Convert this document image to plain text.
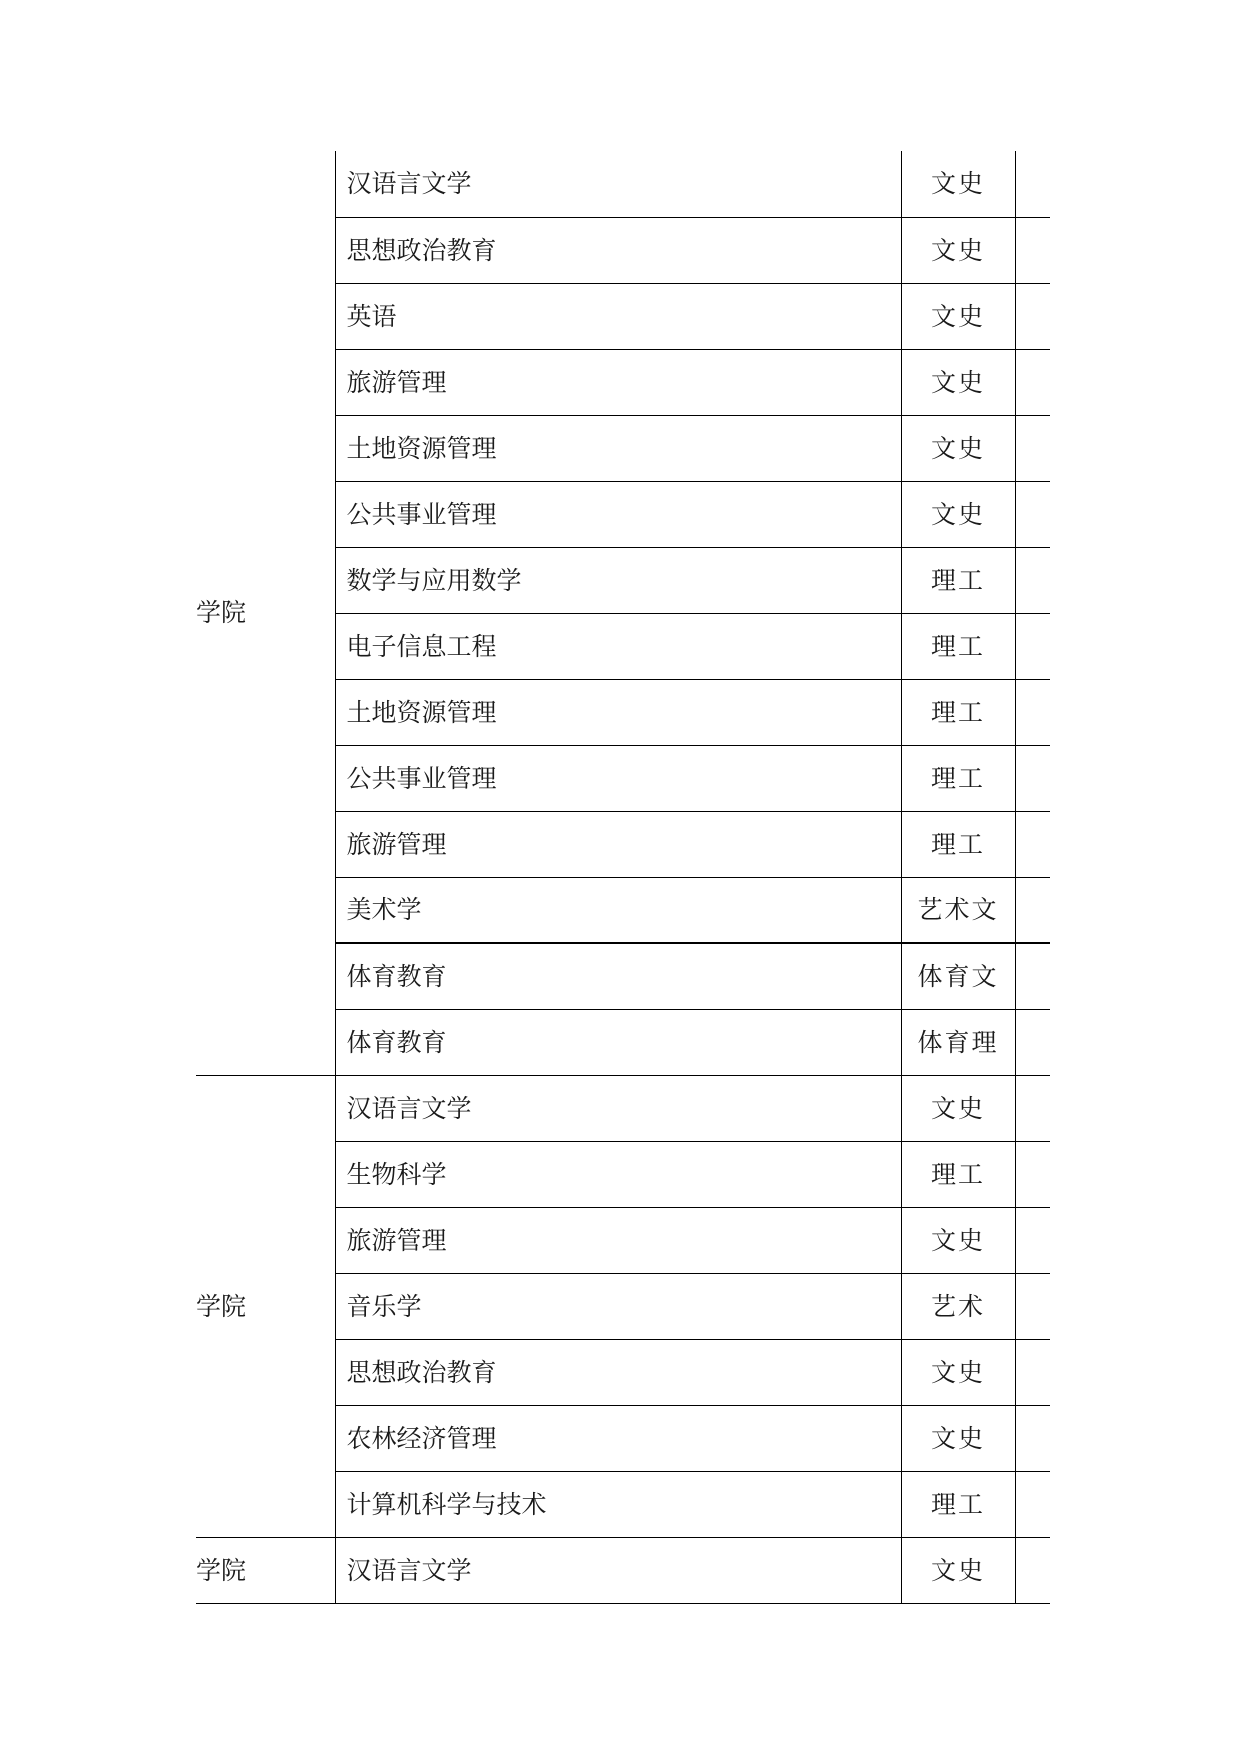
学院	汉语言文学	文史	
	思想政治教育	文史	
	英语	文史	
	旅游管理	文史	
	土地资源管理	文史	
	公共事业管理	文史	
	数学与应用数学	理工	
	电子信息工程	理工	
	土地资源管理	理工	
	公共事业管理	理工	
	旅游管理	理工	
	美术学	艺术文	
	体育教育	体育文	
	体育教育	体育理	
学院	汉语言文学	文史	
	生物科学	理工	
	旅游管理	文史	
	音乐学	艺术	
	思想政治教育	文史	
	农林经济管理	文史	
	计算机科学与技术	理工	
学院	汉语言文学	文史	
